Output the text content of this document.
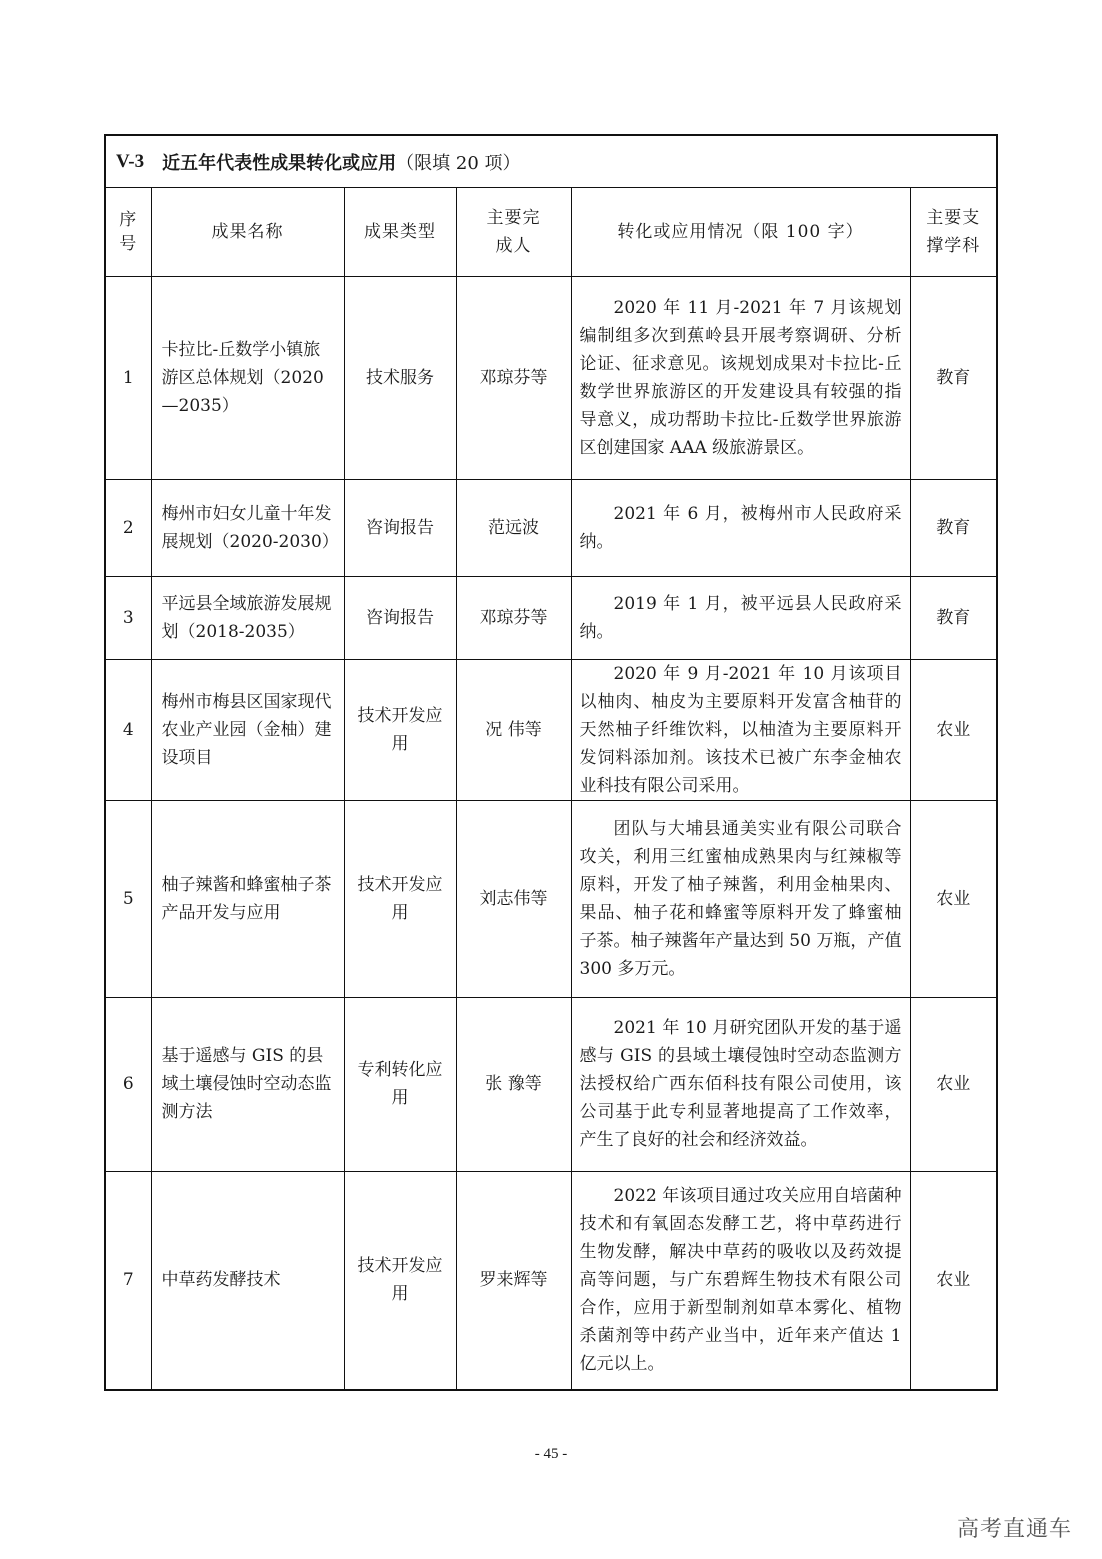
V-3 近五年代表性成果转化或应用 （限填 20 项）
序号	成果名称	成果类型	主要完成人	转化或应用情况（限 100 字）	主要支撑学科
1	卡拉比-丘数学小镇旅游区总体规划（2020—2035）	技术服务	邓琼芬等	2020 年 11 月-2021 年 7 月该规划编制组多次到蕉岭县开展考察调研、分析论证、征求意见。该规划成果对卡拉比-丘数学世界旅游区的开发建设具有较强的指导意义，成功帮助卡拉比-丘数学世界旅游区创建国家 AAA 级旅游景区。	教育
2	梅州市妇女儿童十年发展规划（2020-2030）	咨询报告	范远波	2021 年 6 月，被梅州市人民政府采纳。	教育
3	平远县全域旅游发展规划（2018-2035）	咨询报告	邓琼芬等	2019 年 1 月，被平远县人民政府采纳。	教育
4	梅州市梅县区国家现代农业产业园（金柚）建设项目	技术开发应用	况 伟等	2020 年 9 月-2021 年 10 月该项目以柚肉、柚皮为主要原料开发富含柚苷的天然柚子纤维饮料，以柚渣为主要原料开发饲料添加剂。该技术已被广东李金柚农业科技有限公司采用。	农业
5	柚子辣酱和蜂蜜柚子茶产品开发与应用	技术开发应用	刘志伟等	团队与大埔县通美实业有限公司联合攻关，利用三红蜜柚成熟果肉与红辣椒等原料，开发了柚子辣酱，利用金柚果肉、果品、柚子花和蜂蜜等原料开发了蜂蜜柚子茶。柚子辣酱年产量达到 50 万瓶，产值 300 多万元。	农业
6	基于遥感与 GIS 的县域土壤侵蚀时空动态监测方法	专利转化应用	张 豫等	2021 年 10 月研究团队开发的基于遥感与 GIS 的县域土壤侵蚀时空动态监测方法授权给广西东佰科技有限公司使用，该公司基于此专利显著地提高了工作效率，产生了良好的社会和经济效益。	农业
7	中草药发酵技术	技术开发应用	罗来辉等	2022 年该项目通过攻关应用自培菌种技术和有氧固态发酵工艺，将中草药进行生物发酵，解决中草药的吸收以及药效提高等问题，与广东碧辉生物技术有限公司合作，应用于新型制剂如草本雾化、植物杀菌剂等中药产业当中，近年来产值达 1 亿元以上。	农业
- 45 -
高考直通车
